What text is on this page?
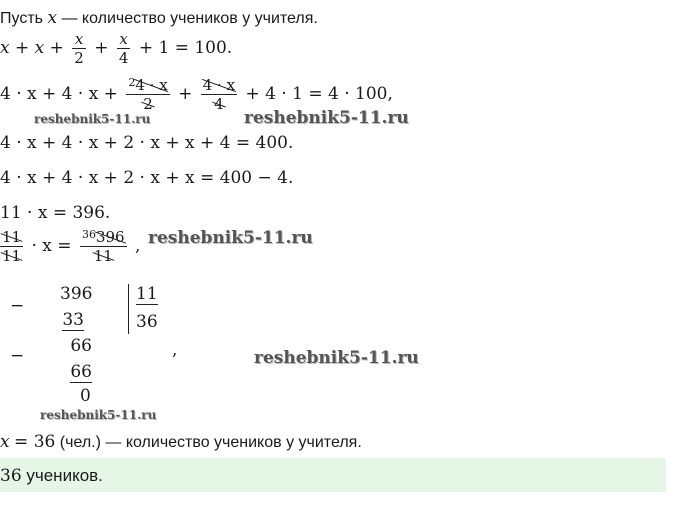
Пусть x — количество учеников у учителя.
$x + x + \frac{x}{2} + \frac{x}{4} + 1 = 100$.
$4 \cdot x + 4 \cdot x + \frac{^24 \cdot x}{2} + \frac{4 \cdot x}{4} + 4 \cdot 1 = 4 \cdot 100$,
reshebnik5-11.ru	reshebnik5-11.ru
4 · x + 4 · x + 2 · x + x + 4 = 400.
4 · x + 4 · x + 2 · x + x = 400 − 4.
11 · x = 396.
$\frac{11}{11} \cdot x = \frac{^{36}396}{11}$ , reshebnik5-11.ru
−
396
33
11
36
−	66
66
0
,	reshebnik5-11.ru
reshebnik5-11.ru
x = 36 (чел.) — количество учеников у учителя.
36 учеников.
